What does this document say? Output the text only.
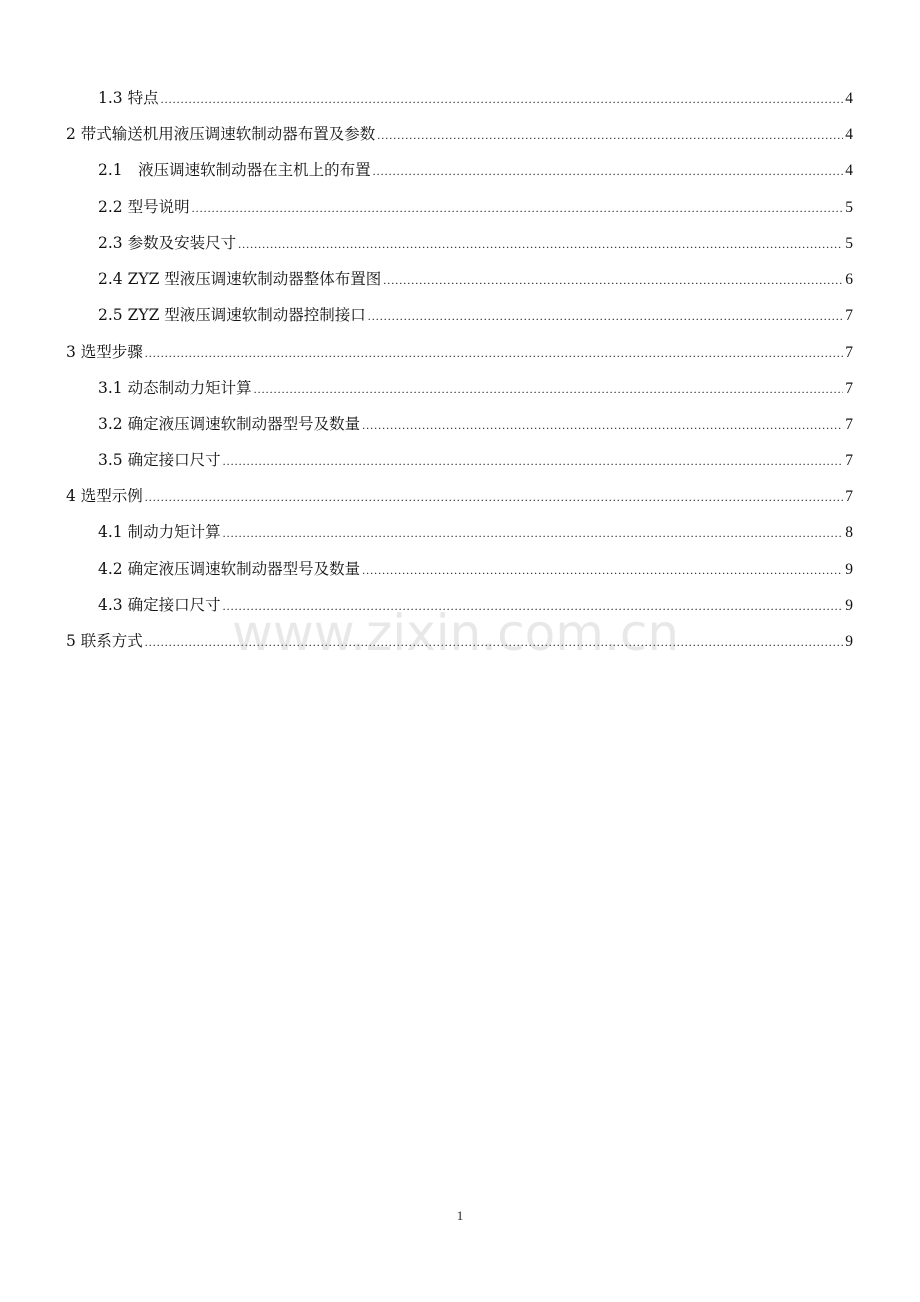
1.3 特点 .....	4
2 带式输送机用液压调速软制动器布置及参数 .....	4
2.1　液压调速软制动器在主机上的布置 .....	4
2.2 型号说明 .....	5
2.3 参数及安装尺寸 .....	5
2.4 ZYZ 型液压调速软制动器整体布置图 .....	6
2.5 ZYZ 型液压调速软制动器控制接口 .....	7
3 选型步骤 .....	7
3.1 动态制动力矩计算 .....	7
3.2 确定液压调速软制动器型号及数量 .....	7
3.5 确定接口尺寸 .....	7
4 选型示例 .....	7
4.1 制动力矩计算 .....	8
4.2 确定液压调速软制动器型号及数量 .....	9
4.3 确定接口尺寸 .....	9
5 联系方式 .....	9
www.zixin.com.cn
1
